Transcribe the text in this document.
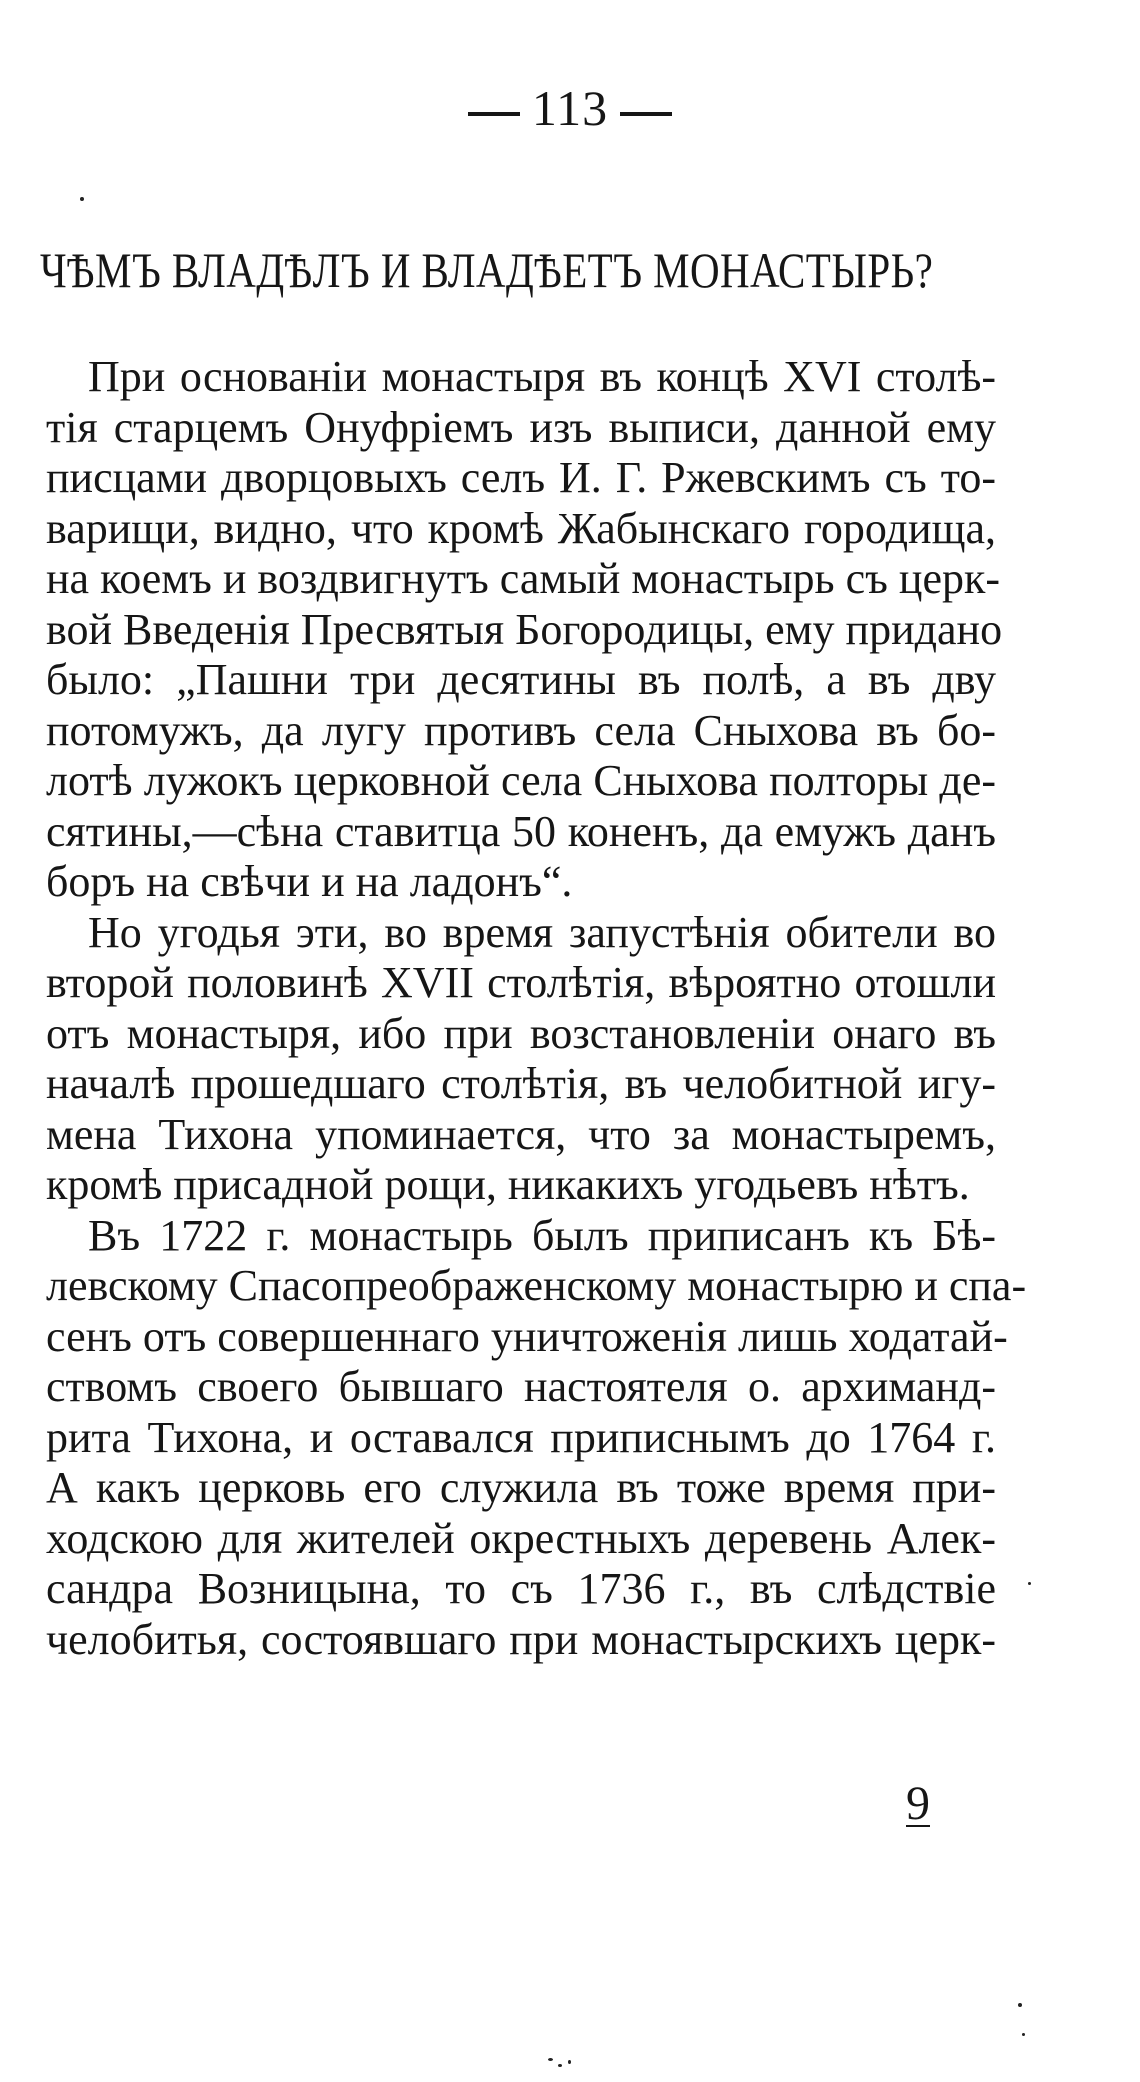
113
ЧѢМЪ ВЛАДѢЛЪ И ВЛАДѢЕТЪ МОНАСТЫРЬ?
При основаніи монастыря въ концѣ XVI столѣ-
тія старцемъ Онуфріемъ изъ выписи, данной ему
писцами дворцовыхъ селъ И. Г. Ржевскимъ съ то-
варищи, видно, что кромѣ Жабынскаго городища,
на коемъ и воздвигнутъ самый монастырь съ церк-
вой Введенія Пресвятыя Богородицы, ему придано
было: „Пашни три десятины въ полѣ, а въ дву
потомужъ, да лугу противъ села Сныхова въ бо-
лотѣ лужокъ церковной села Сныхова полторы де-
сятины,—сѣна ставитца 50 коненъ, да емужъ данъ
боръ на свѣчи и на ладонъ“.
Но угодья эти, во время запустѣнія обители во
второй половинѣ XVII столѣтія, вѣроятно отошли
отъ монастыря, ибо при возстановленіи онаго въ
началѣ прошедшаго столѣтія, въ челобитной игу-
мена Тихона упоминается, что за монастыремъ,
кромѣ присадной рощи, никакихъ угодьевъ нѣтъ.
Въ 1722 г. монастырь былъ приписанъ къ Бѣ-
левскому Спасопреображенскому монастырю и спа-
сенъ отъ совершеннаго уничтоженія лишь ходатай-
ствомъ своего бывшаго настоятеля о. архиманд-
рита Тихона, и оставался приписнымъ до 1764 г.
А какъ церковь его служила въ тоже время при-
ходскою для жителей окрестныхъ деревень Алек-
сандра Возницына, то съ 1736 г., въ слѣдствіе
челобитья, состоявшаго при монастырскихъ церк-
9
